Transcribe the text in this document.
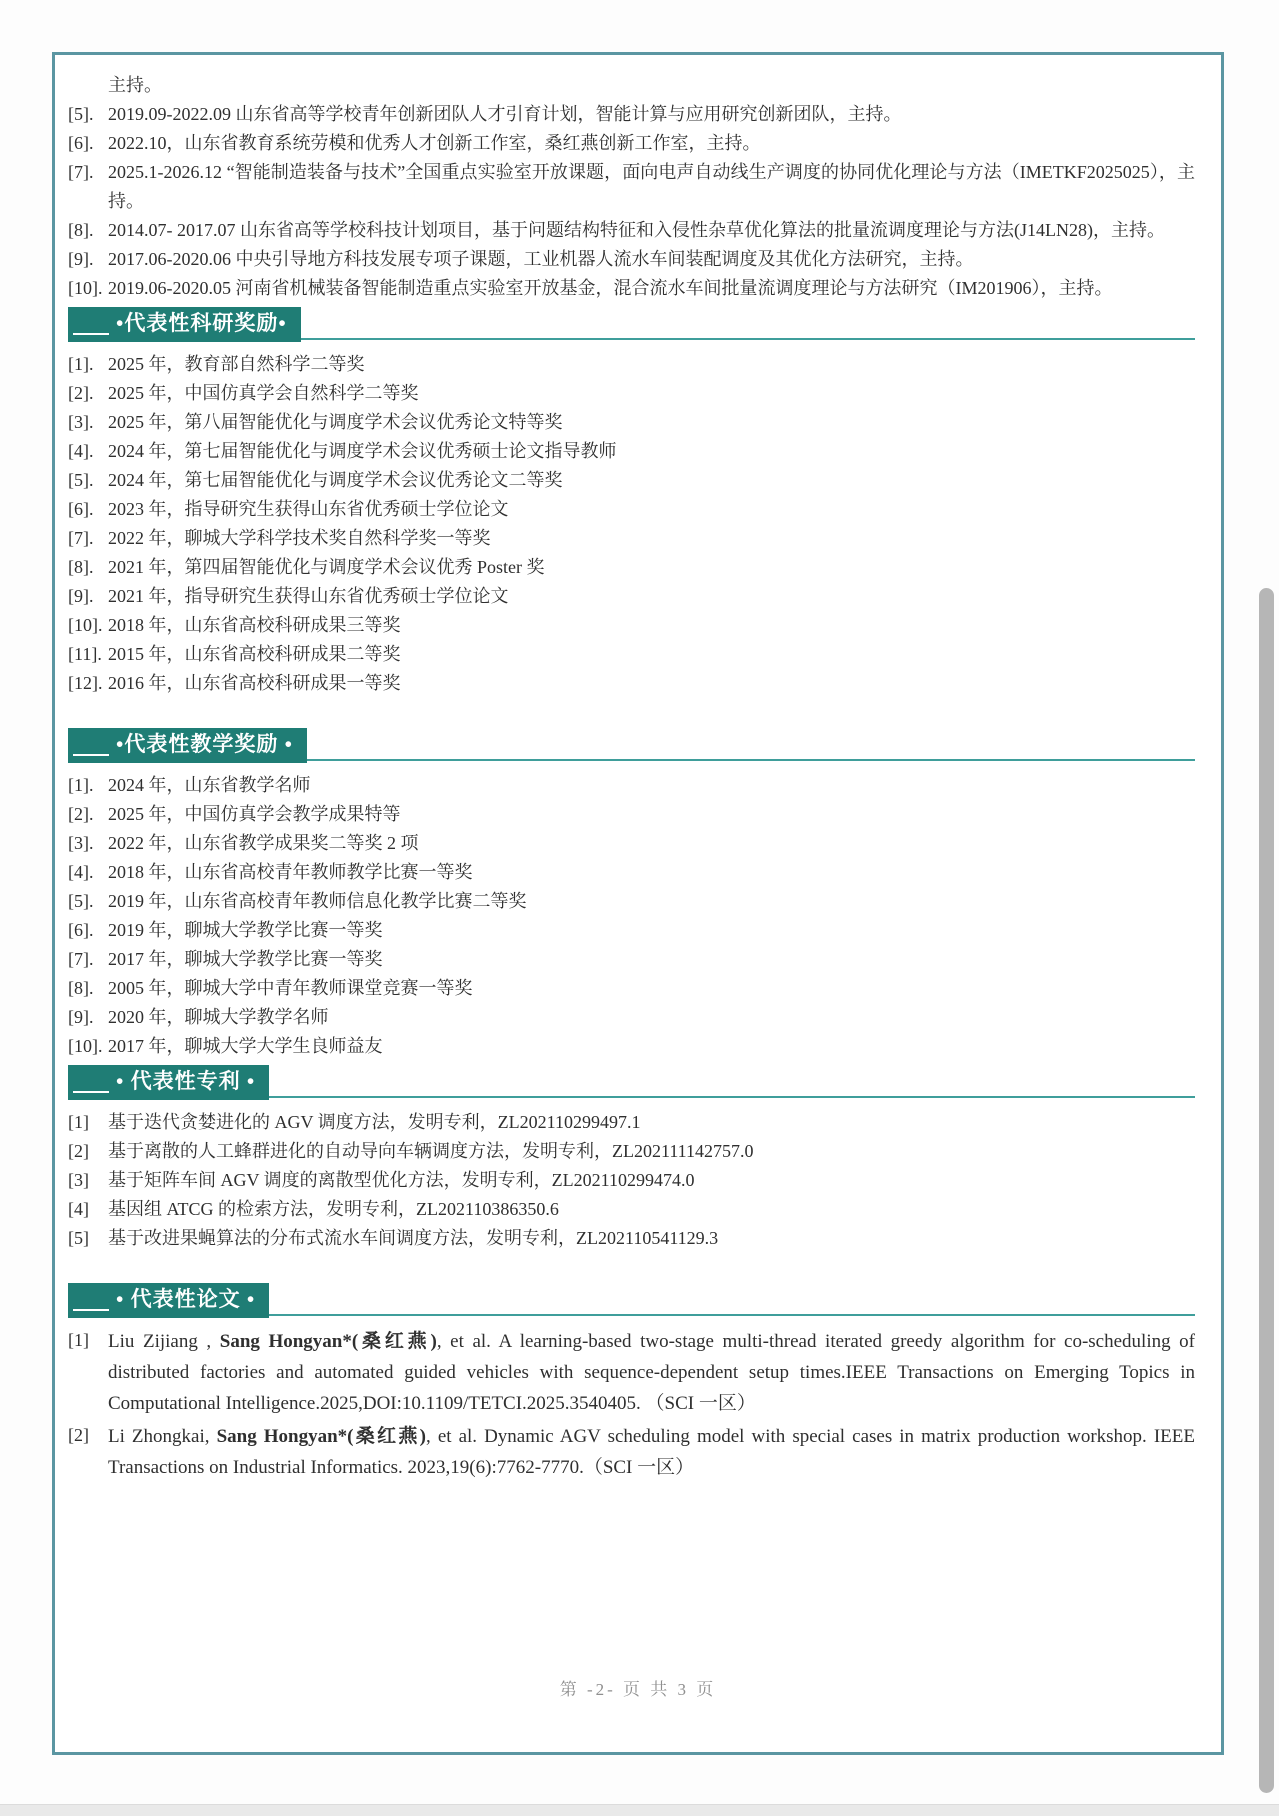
主持。

[5]. 2019.09-2022.09 山东省高等学校青年创新团队人才引育计划，智能计算与应用研究创新团队，主持。
[6]. 2022.10，山东省教育系统劳模和优秀人才创新工作室，桑红燕创新工作室，主持。
[7]. 2025.1-2026.12 “智能制造装备与技术”全国重点实验室开放课题，面向电声自动线生产调度的协同优化理论与方法（IMETKF2025025），主持。
[8]. 2014.07- 2017.07 山东省高等学校科技计划项目，基于问题结构特征和入侵性杂草优化算法的批量流调度理论与方法(J14LN28)，主持。
[9]. 2017.06-2020.06 中央引导地方科技发展专项子课题，工业机器人流水车间装配调度及其优化方法研究，主持。
[10]. 2019.06-2020.05 河南省机械装备智能制造重点实验室开放基金，混合流水车间批量流调度理论与方法研究（IM201906），主持。
•代表性科研奖励•
[1]. 2025 年，教育部自然科学二等奖
[2]. 2025 年，中国仿真学会自然科学二等奖
[3]. 2025 年，第八届智能优化与调度学术会议优秀论文特等奖
[4]. 2024 年，第七届智能优化与调度学术会议优秀硕士论文指导教师
[5]. 2024 年，第七届智能优化与调度学术会议优秀论文二等奖
[6]. 2023 年，指导研究生获得山东省优秀硕士学位论文
[7]. 2022 年，聊城大学科学技术奖自然科学奖一等奖
[8]. 2021 年，第四届智能优化与调度学术会议优秀 Poster 奖
[9]. 2021 年，指导研究生获得山东省优秀硕士学位论文
[10]. 2018 年，山东省高校科研成果三等奖
[11]. 2015 年，山东省高校科研成果二等奖
[12]. 2016 年，山东省高校科研成果一等奖
•代表性教学奖励 •
[1]. 2024 年，山东省教学名师
[2]. 2025 年，中国仿真学会教学成果特等
[3]. 2022 年，山东省教学成果奖二等奖 2 项
[4]. 2018 年，山东省高校青年教师教学比赛一等奖
[5]. 2019 年，山东省高校青年教师信息化教学比赛二等奖
[6]. 2019 年，聊城大学教学比赛一等奖
[7]. 2017 年，聊城大学教学比赛一等奖
[8]. 2005 年，聊城大学中青年教师课堂竞赛一等奖
[9]. 2020 年，聊城大学教学名师
[10]. 2017 年，聊城大学大学生良师益友
• 代表性专利 •
[1]	基于迭代贪婪进化的 AGV 调度方法，发明专利，ZL202110299497.1
[2]	基于离散的人工蜂群进化的自动导向车辆调度方法，发明专利，ZL202111142757.0
[3]	基于矩阵车间 AGV 调度的离散型优化方法，发明专利，ZL202110299474.0
[4]	基因组 ATCG 的检索方法，发明专利，ZL202110386350.6
[5]	基于改进果蝇算法的分布式流水车间调度方法，发明专利，ZL202110541129.3
• 代表性论文 •
[1]	Liu Zijiang , Sang Hongyan*(桑红燕), et al. A learning-based two-stage multi-thread iterated greedy algorithm for co-scheduling of distributed factories and automated guided vehicles with sequence-dependent setup times.IEEE Transactions on Emerging Topics in Computational Intelligence.2025,DOI:10.1109/TETCI.2025.3540405. （SCI 一区）
[2]	Li Zhongkai, Sang Hongyan*(桑红燕), et al. Dynamic AGV scheduling model with special cases in matrix production workshop. IEEE Transactions on Industrial Informatics. 2023,19(6):7762-7770.（SCI 一区）
第 -2- 页 共 3 页
